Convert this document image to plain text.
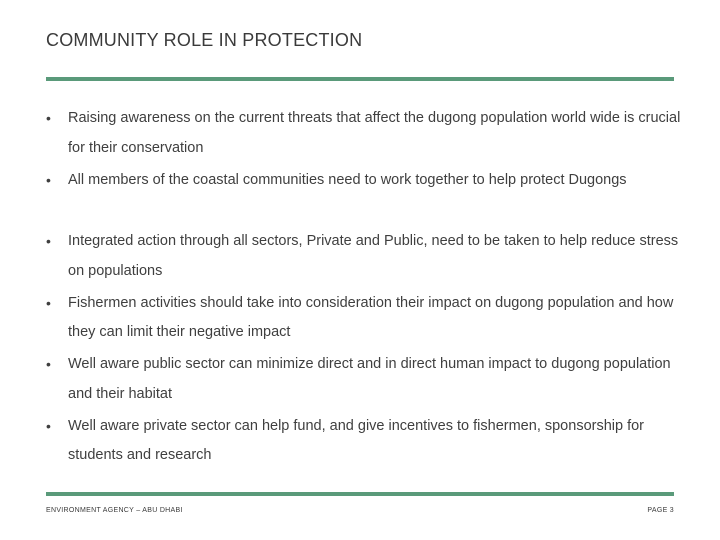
COMMUNITY ROLE IN PROTECTION
• Raising awareness on the current threats that affect the dugong population world wide is crucial for their conservation
• All members of the coastal communities need to work together to help protect Dugongs
• Integrated action through all sectors, Private and Public, need to be taken to help reduce stress on populations
• Fishermen activities should take into consideration their impact on dugong population and how they can limit their negative impact
• Well aware public sector can minimize direct and in direct human impact to dugong population and their habitat
• Well aware private sector can help fund, and give incentives to fishermen, sponsorship for students and research
ENVIRONMENT AGENCY – ABU DHABI	PAGE 3
